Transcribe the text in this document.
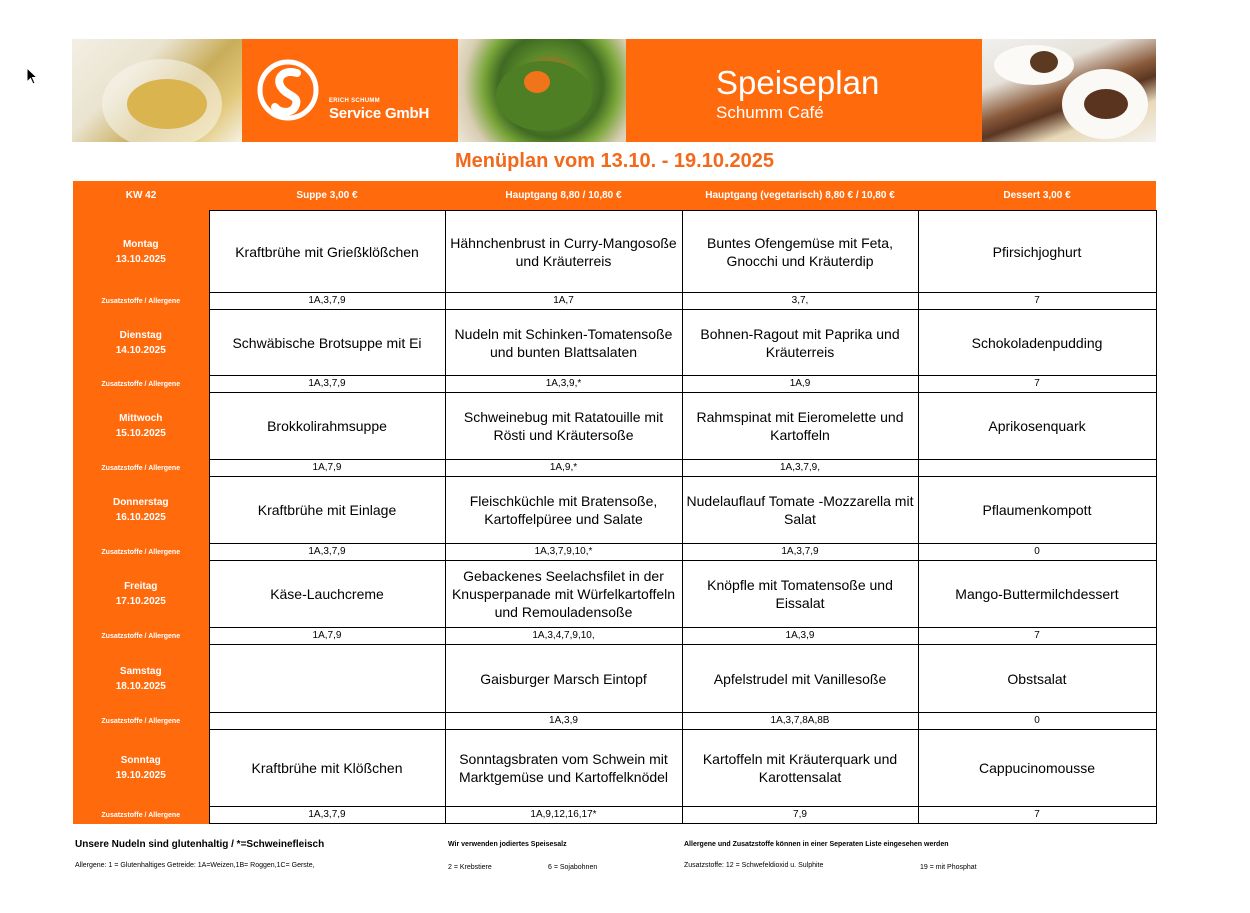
ERICH SCHUMM
Service GmbH
Speiseplan
Schumm Café
Menüplan vom 13.10. - 19.10.2025
KW 42	Suppe 3,00 €	Hauptgang 8,80 / 10,80 €	Hauptgang (vegetarisch) 8,80 € / 10,80 €	Dessert 3,00 €

Montag
13.10.2025	Kraftbrühe mit Grießklößchen	Hähnchenbrust in Curry-Mangosoße und Kräuterreis	Buntes Ofengemüse mit Feta, Gnocchi und Kräuterdip	Pfirsichjoghurt
Zusatzstoffe / Allergene	1A,3,7,9	1A,7	3,7,	7

Dienstag
14.10.2025	Schwäbische Brotsuppe mit Ei	Nudeln mit Schinken-Tomatensoße und bunten Blattsalaten	Bohnen-Ragout mit Paprika und Kräuterreis	Schokoladenpudding
Zusatzstoffe / Allergene	1A,3,7,9	1A,3,9,*	1A,9	7

Mittwoch
15.10.2025	Brokkolirahmsuppe	Schweinebug mit Ratatouille mit Rösti und Kräutersoße	Rahmspinat mit Eieromelette und Kartoffeln	Aprikosenquark
Zusatzstoffe / Allergene	1A,7,9	1A,9,*	1A,3,7,9,	

Donnerstag
16.10.2025	Kraftbrühe mit Einlage	Fleischküchle mit Bratensoße, Kartoffelpüree und Salate	Nudelauflauf Tomate -Mozzarella mit Salat	Pflaumenkompott
Zusatzstoffe / Allergene	1A,3,7,9	1A,3,7,9,10,*	1A,3,7,9	0

Freitag
17.10.2025	Käse-Lauchcreme	Gebackenes Seelachsfilet in der Knusperpanade mit Würfelkartoffeln und Remouladensoße	Knöpfle mit Tomatensoße und Eissalat	Mango-Buttermilchdessert
Zusatzstoffe / Allergene	1A,7,9	1A,3,4,7,9,10,	1A,3,9	7

Samstag
18.10.2025		Gaisburger Marsch Eintopf	Apfelstrudel mit Vanillesoße	Obstsalat
Zusatzstoffe / Allergene		1A,3,9	1A,3,7,8A,8B	0

Sonntag
19.10.2025	Kraftbrühe mit Klößchen	Sonntagsbraten vom Schwein mit Marktgemüse und Kartoffelknödel	Kartoffeln mit Kräuterquark und Karottensalat	Cappucinomousse
Zusatzstoffe / Allergene	1A,3,7,9	1A,9,12,16,17*	7,9	7
Unsere Nudeln sind glutenhaltig / *=Schweinefleisch	Wir verwenden jodiertes Speisesalz	Allergene und Zusatzstoffe können in einer Seperaten Liste eingesehen werden
Allergene: 1 = Glutenhaltiges Getreide: 1A=Weizen,1B= Roggen,1C= Gerste,	2 = Krebstiere	6 = Sojabohnen	Zusatzstoffe: 12 = Schwefeldioxid u. Sulphite	19 = mit Phosphat
